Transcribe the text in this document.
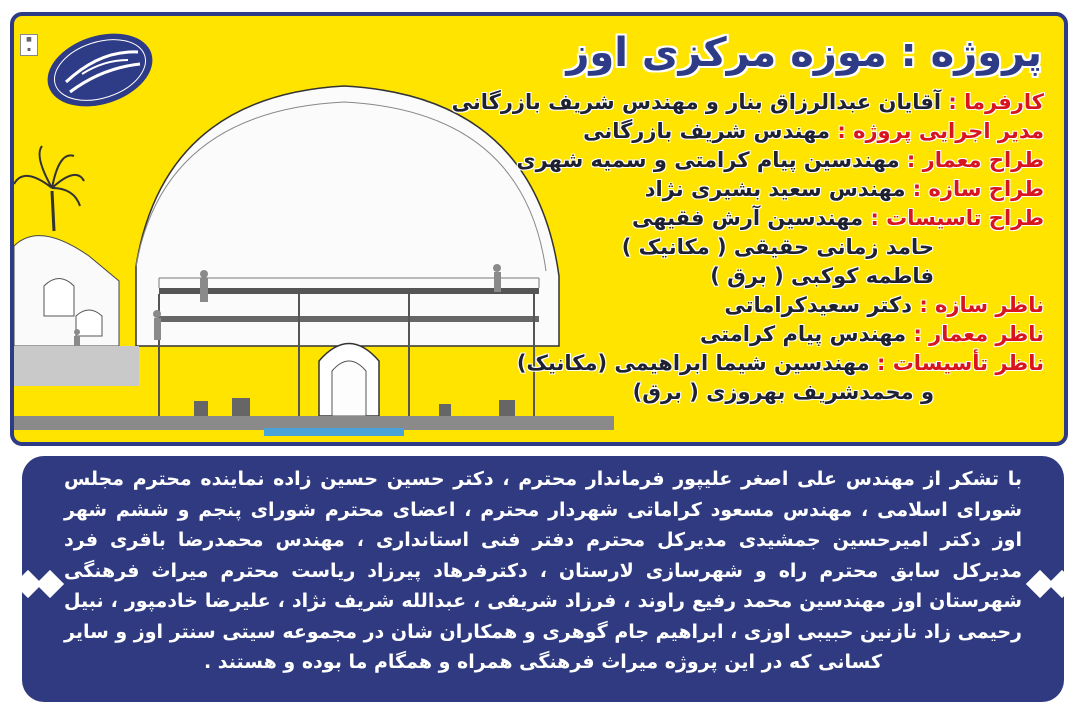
■
▪	پروژه : موزه مرکزی اوز
کارفرما : آقایان عبدالرزاق بنار و مهندس شریف بازرگانی
مدیر اجرایی پروژه : مهندس شریف بازرگانی
طراح معمار : مهندسین پیام کرامتی و سمیه شهری
طراح سازه : مهندس سعید بشیری نژاد
طراح تاسیسات : مهندسین آرش فقیهی
حامد زمانی حقیقی ( مکانیک )
فاطمه کوکبی ( برق )
ناظر سازه : دکتر سعیدکراماتی
ناظر معمار : مهندس پیام کرامتی
ناظر تأسیسات : مهندسین شیما ابراهیمی (مکانیک)
و محمدشریف بهروزی ( برق)
با تشکر از مهندس علی اصغر علیپور فرماندار محترم ، دکتر حسین حسین زاده نماینده محترم مجلس شورای اسلامی ، مهندس مسعود کراماتی شهردار محترم ، اعضای محترم شورای پنجم و ششم شهر اوز دکتر امیرحسین جمشیدی مدیرکل محترم دفتر فنی استانداری ، مهندس محمدرضا باقری فرد مدیرکل سابق محترم راه و شهرسازی لارستان ، دکترفرهاد پیرزاد ریاست محترم میراث فرهنگی شهرستان اوز مهندسین محمد رفیع راوند ، فرزاد شریفی ، عبدالله شریف نژاد ، علیرضا خادمپور ، نبیل رحیمی زاد نازنین حبیبی اوزی ، ابراهیم جام گوهری و همکاران شان در مجموعه سیتی سنتر اوز و سایر کسانی که در این پروژه میراث فرهنگی همراه و همگام ما بوده و هستند .
